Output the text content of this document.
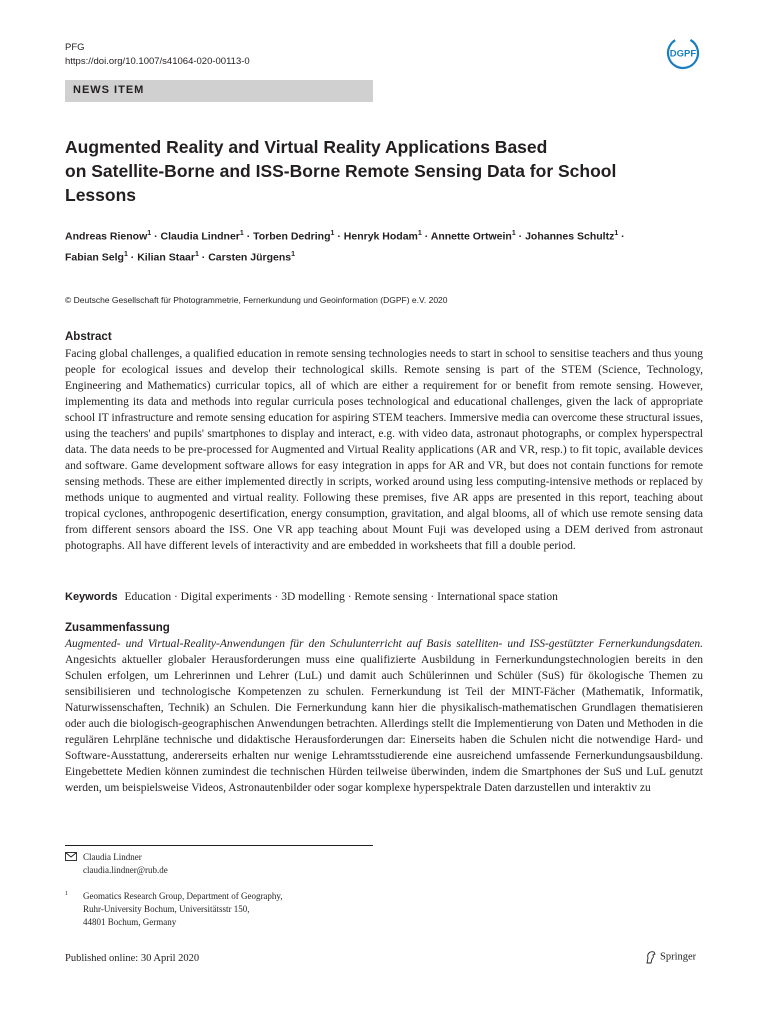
PFG
https://doi.org/10.1007/s41064-020-00113-0
DGPF
NEWS ITEM
Augmented Reality and Virtual Reality Applications Based
on Satellite-Borne and ISS-Borne Remote Sensing Data for School
Lessons

Andreas Rienow$^1$ · Claudia Lindner$^1$ · Torben Dedring$^1$ · Henryk Hodam$^1$ · Annette Ortwein$^1$ · Johannes Schultz$^1$ ·
Fabian Selg$^1$ · Kilian Staar$^1$ · Carsten Jürgens$^1$

© Deutsche Gesellschaft für Photogrammetrie, Fernerkundung und Geoinformation (DGPF) e.V. 2020
Abstract

Facing global challenges, a qualified education in remote sensing technologies needs to start in school to sensitise teachers and thus young people for ecological issues and develop their technological skills. Remote sensing is part of the STEM (Science, Technology, Engineering and Mathematics) curricular topics, all of which are either a requirement for or benefit from remote sensing. However, implementing its data and methods into regular curricula poses technological and educational challenges, given the lack of appropriate school IT infrastructure and remote sensing education for aspiring STEM teachers. Immersive media can overcome these structural issues, using the teachers' and pupils' smartphones to display and interact, e.g. with video data, astronaut photographs, or complex hyperspectral data. The data needs to be pre-processed for Augmented and Virtual Reality applications (AR and VR, resp.) to fit topic, available devices and software. Game development software allows for easy integration in apps for AR and VR, but does not contain functions for remote sensing methods. These are either implemented directly in scripts, worked around using less computing-intensive methods or replaced by methods unique to augmented and virtual reality. Following these premises, five AR apps are presented in this report, teaching about tropical cyclones, anthropogenic desertification, energy consumption, gravitation, and algal blooms, all of which use remote sensing data from different sensors aboard the ISS. One VR app teaching about Mount Fuji was developed using a DEM derived from astronaut photographs. All have different levels of interactivity and are embedded in worksheets that fill a double period.

Keywords Education · Digital experiments · 3D modelling · Remote sensing · International space station
Zusammenfassung

Augmented- und Virtual-Reality-Anwendungen für den Schulunterricht auf Basis satelliten- und ISS-gestützter Fernerkundungsdaten. Angesichts aktueller globaler Herausforderungen muss eine qualifizierte Ausbildung in Fernerkundungstechnologien bereits in den Schulen erfolgen, um Lehrerinnen und Lehrer (LuL) und damit auch Schülerinnen und Schüler (SuS) für ökologische Themen zu sensibilisieren und technologische Kompetenzen zu schulen. Fernerkundung ist Teil der MINT-Fächer (Mathematik, Informatik, Naturwissenschaften, Technik) an Schulen. Die Fernerkundung kann hier die physikalisch-mathematischen Grundlagen thematisieren oder auch die biologisch-geographischen Anwendungen betrachten. Allerdings stellt die Implementierung von Daten und Methoden in die regulären Lehrpläne technische und didaktische Herausforderungen dar: Einerseits haben die Schulen nicht die notwendige Hard- und Software-Ausstattung, andererseits erhalten nur wenige Lehramtsstudierende eine ausreichend umfassende Fernerkundungsausbildung. Eingebettete Medien können zumindest die technischen Hürden teilweise überwinden, indem die Smartphones der SuS und LuL genutzt werden, um beispielsweise Videos, Astronautenbilder oder sogar komplexe hyperspektrale Daten darzustellen und interaktiv zu

Claudia Lindner
claudia.lindner@rub.de
1 Geomatics Research Group, Department of Geography,
Ruhr-University Bochum, Universitätsstr 150,
44801 Bochum, Germany
Published online: 30 April 2020	Springer
